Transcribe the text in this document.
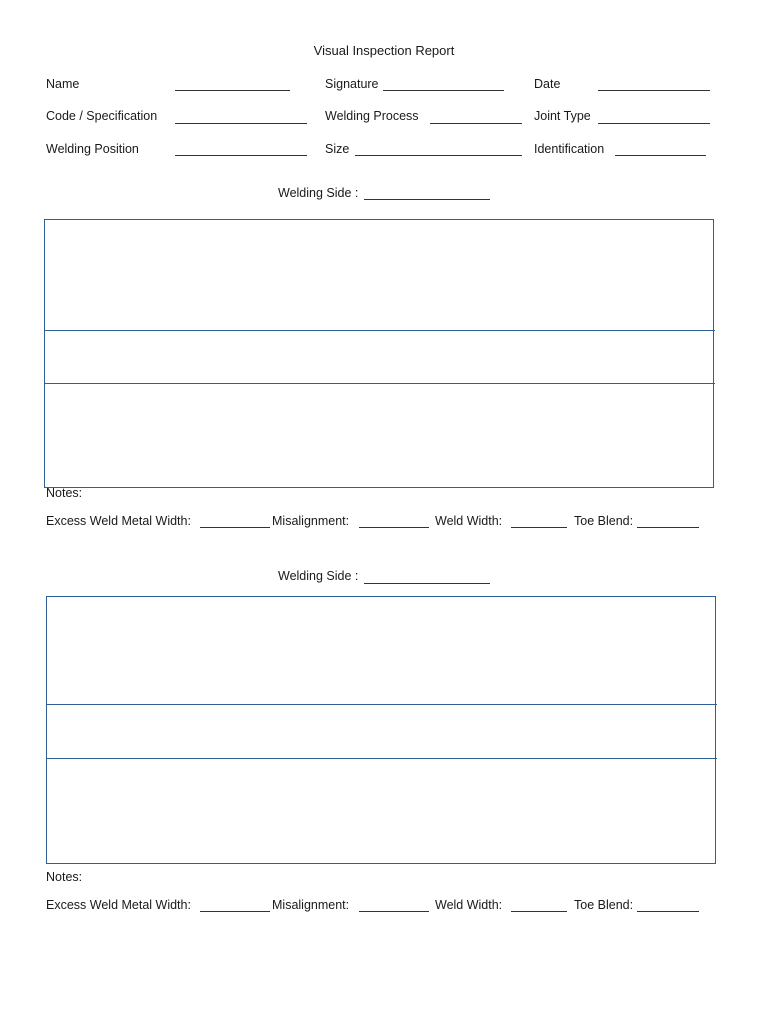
Visual Inspection Report
Name	Signature	Date
Code / Specification	Welding Process	Joint Type
Welding Position	Size	Identification
Welding Side :
Notes:
Excess Weld Metal Width:	Misalignment:	Weld Width:	Toe Blend:
Welding Side :
Notes:
Excess Weld Metal Width:	Misalignment:	Weld Width:	Toe Blend:
